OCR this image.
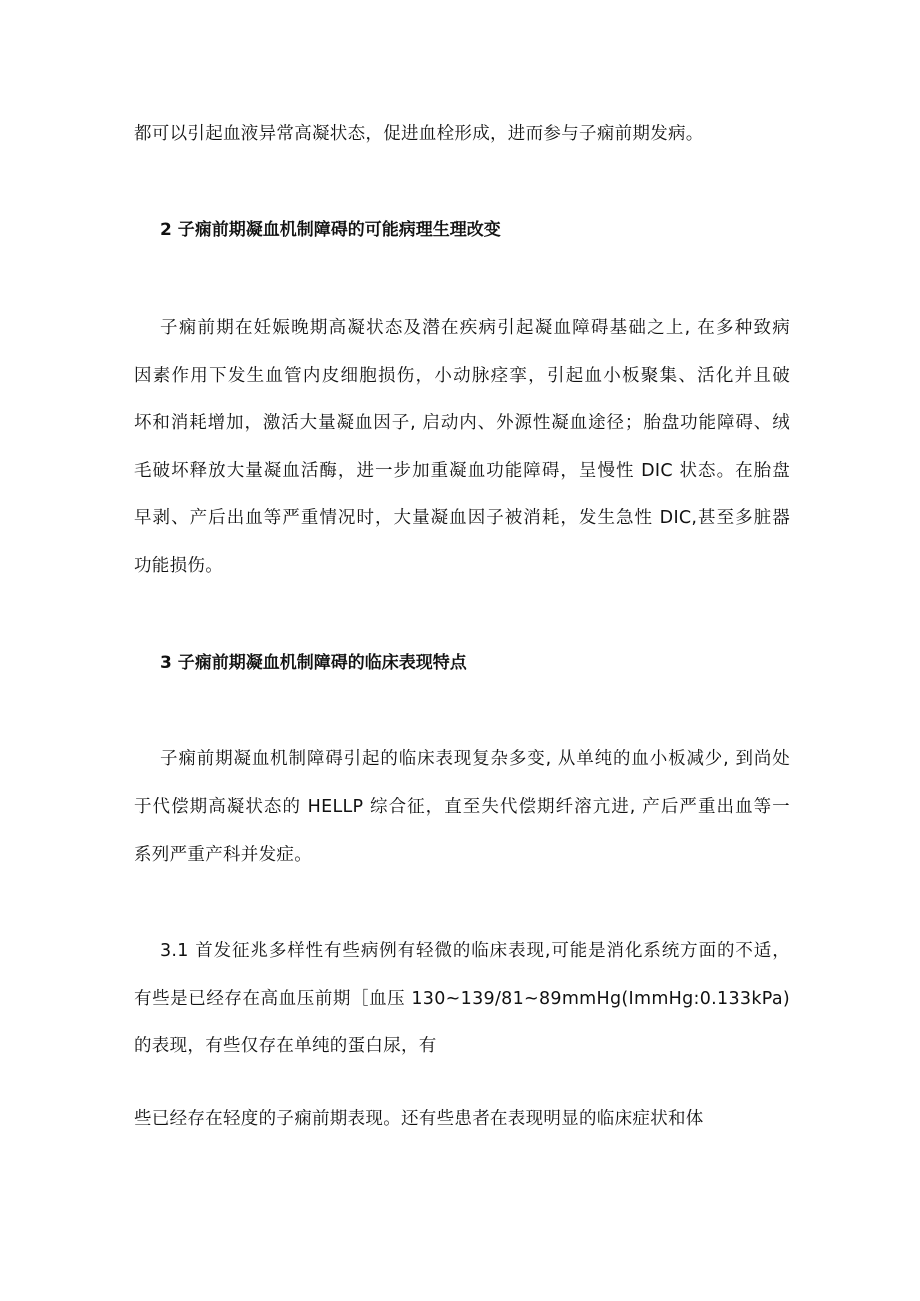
都可以引起血液异常高凝状态，促进血栓形成，进而参与子痫前期发病。
2 子痫前期凝血机制障碍的可能病理生理改变
子痫前期在妊娠晚期高凝状态及潜在疾病引起凝血障碍基础之上, 在多种致病
因素作用下发生血管内皮细胞损伤，小动脉痉挛，引起血小板聚集、活化并且破
坏和消耗增加，激活大量凝血因子, 启动内、外源性凝血途径；胎盘功能障碍、绒
毛破坏释放大量凝血活酶，进一步加重凝血功能障碍，呈慢性 DIC 状态。在胎盘
早剥、产后出血等严重情况时，大量凝血因子被消耗，发生急性 DIC,甚至多脏器
功能损伤。
3 子痫前期凝血机制障碍的临床表现特点
子痫前期凝血机制障碍引起的临床表现复杂多变, 从单纯的血小板减少, 到尚处
于代偿期高凝状态的 HELLP 综合征，直至失代偿期纤溶亢进, 产后严重出血等一
系列严重产科并发症。
3.1 首发征兆多样性有些病例有轻微的临床表现,可能是消化系统方面的不适，
有些是已经存在高血压前期［血压 130~139/81~89mmHg(ImmHg:0.133kPa)
的表现，有些仅存在单纯的蛋白尿，有
些已经存在轻度的子痫前期表现。还有些患者在表现明显的临床症状和体
